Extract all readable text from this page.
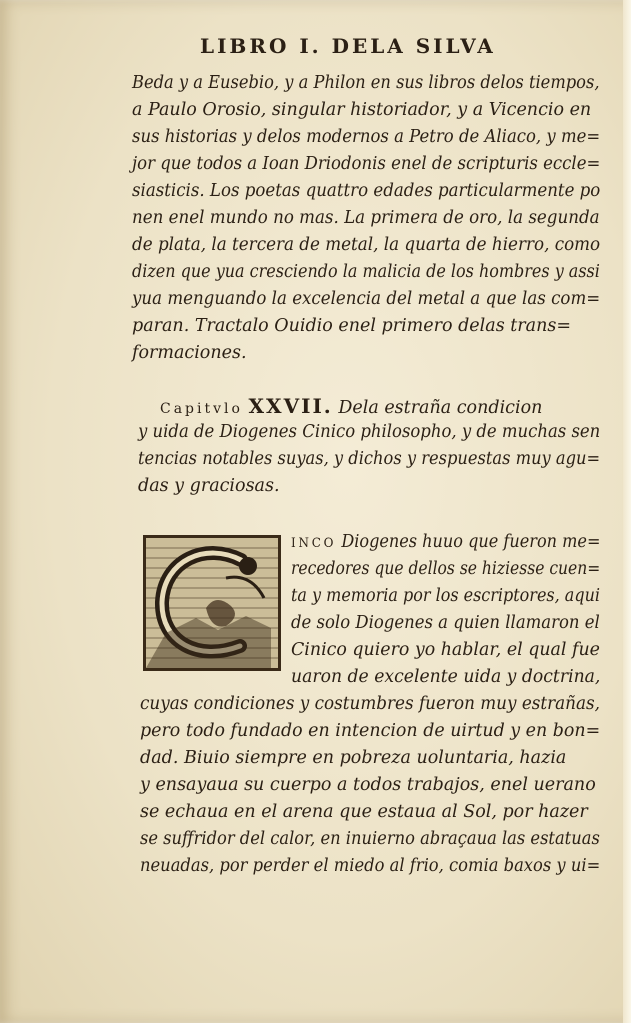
LIBRO I. DELA SILVA
Beda y a Eusebio, y a Philon en sus libros delos tiempos,
a Paulo Orosio, singular historiador, y a Vicencio en
sus historias y delos modernos a Petro de Aliaco, y me=
jor que todos a Ioan Driodonis enel de scripturis eccle=
siasticis. Los poetas quattro edades particularmente po
nen enel mundo no mas. La primera de oro, la segunda
de plata, la tercera de metal, la quarta de hierro, como
dizen que yua cresciendo la malicia de los hombres y assi
yua menguando la excelencia del metal a que las com=
paran. Tractalo Ouidio enel primero delas trans=
formaciones.
Capitvlo XXVII. Dela estraña condicion
y uida de Diogenes Cinico philosopho, y de muchas sen
tencias notables suyas, y dichos y respuestas muy agu=
das y graciosas.
INCO Diogenes huuo que fueron me=
recedores que dellos se hiziesse cuen=
ta y memoria por los escriptores, aqui
de solo Diogenes a quien llamaron el
Cinico quiero yo hablar, el qual fue
uaron de excelente uida y doctrina,
cuyas condiciones y costumbres fueron muy estrañas,
pero todo fundado en intencion de uirtud y en bon=
dad. Biuio siempre en pobreza uoluntaria, hazia
y ensayaua su cuerpo a todos trabajos, enel uerano
se echaua en el arena que estaua al Sol, por hazer
se suffridor del calor, en inuierno abraçaua las estatuas
neuadas, por perder el miedo al frio, comia baxos y ui=
